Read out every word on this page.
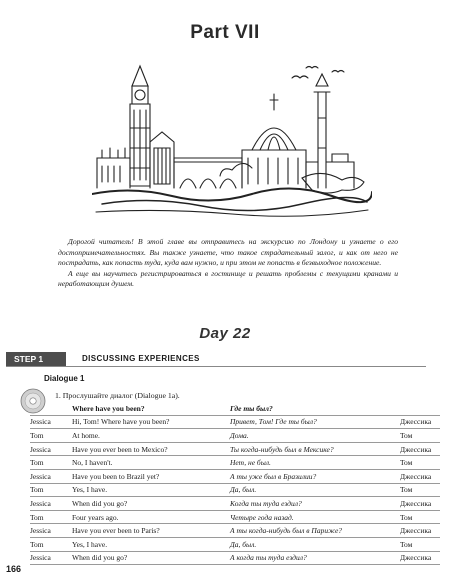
Part VII

Дорогой читатель! В этой главе вы отправитесь на экскурсию по Лондону и узнаете о его достопримечательностях. Вы также узнаете, что такое страдательный залог, и как от него не пострадать, как попасть туда, куда вам нужно, и при этом не попасть в безвыходное положение.

А еще вы научитесь регистрироваться в гостинице и решать проблемы с текущими кранами и неработающим душем.

Day 22
STEP 1	DISCUSSING EXPERIENCES
Dialogue 1
1. Прослушайте диалог (Dialogue 1a).
	Where have you been?	Где ты был?	
Jessica	Hi, Tom! Where have you been?	Привет, Том! Где ты был?	Джессика
Tom	At home.	Дома.	Том
Jessica	Have you ever been to Mexico?	Ты когда-нибудь был в Мексике?	Джессика
Tom	No, I haven't.	Нет, не был.	Том
Jessica	Have you been to Brazil yet?	А ты уже был в Бразилии?	Джессика
Tom	Yes, I have.	Да, был.	Том
Jessica	When did you go?	Когда ты туда ездил?	Джессика
Tom	Four years ago.	Четыре года назад.	Том
Jessica	Have you ever been to Paris?	А ты когда-нибудь был в Париже?	Джессика
Tom	Yes, I have.	Да, был.	Том
Jessica	When did you go?	А когда ты туда ездил?	Джессика
166
